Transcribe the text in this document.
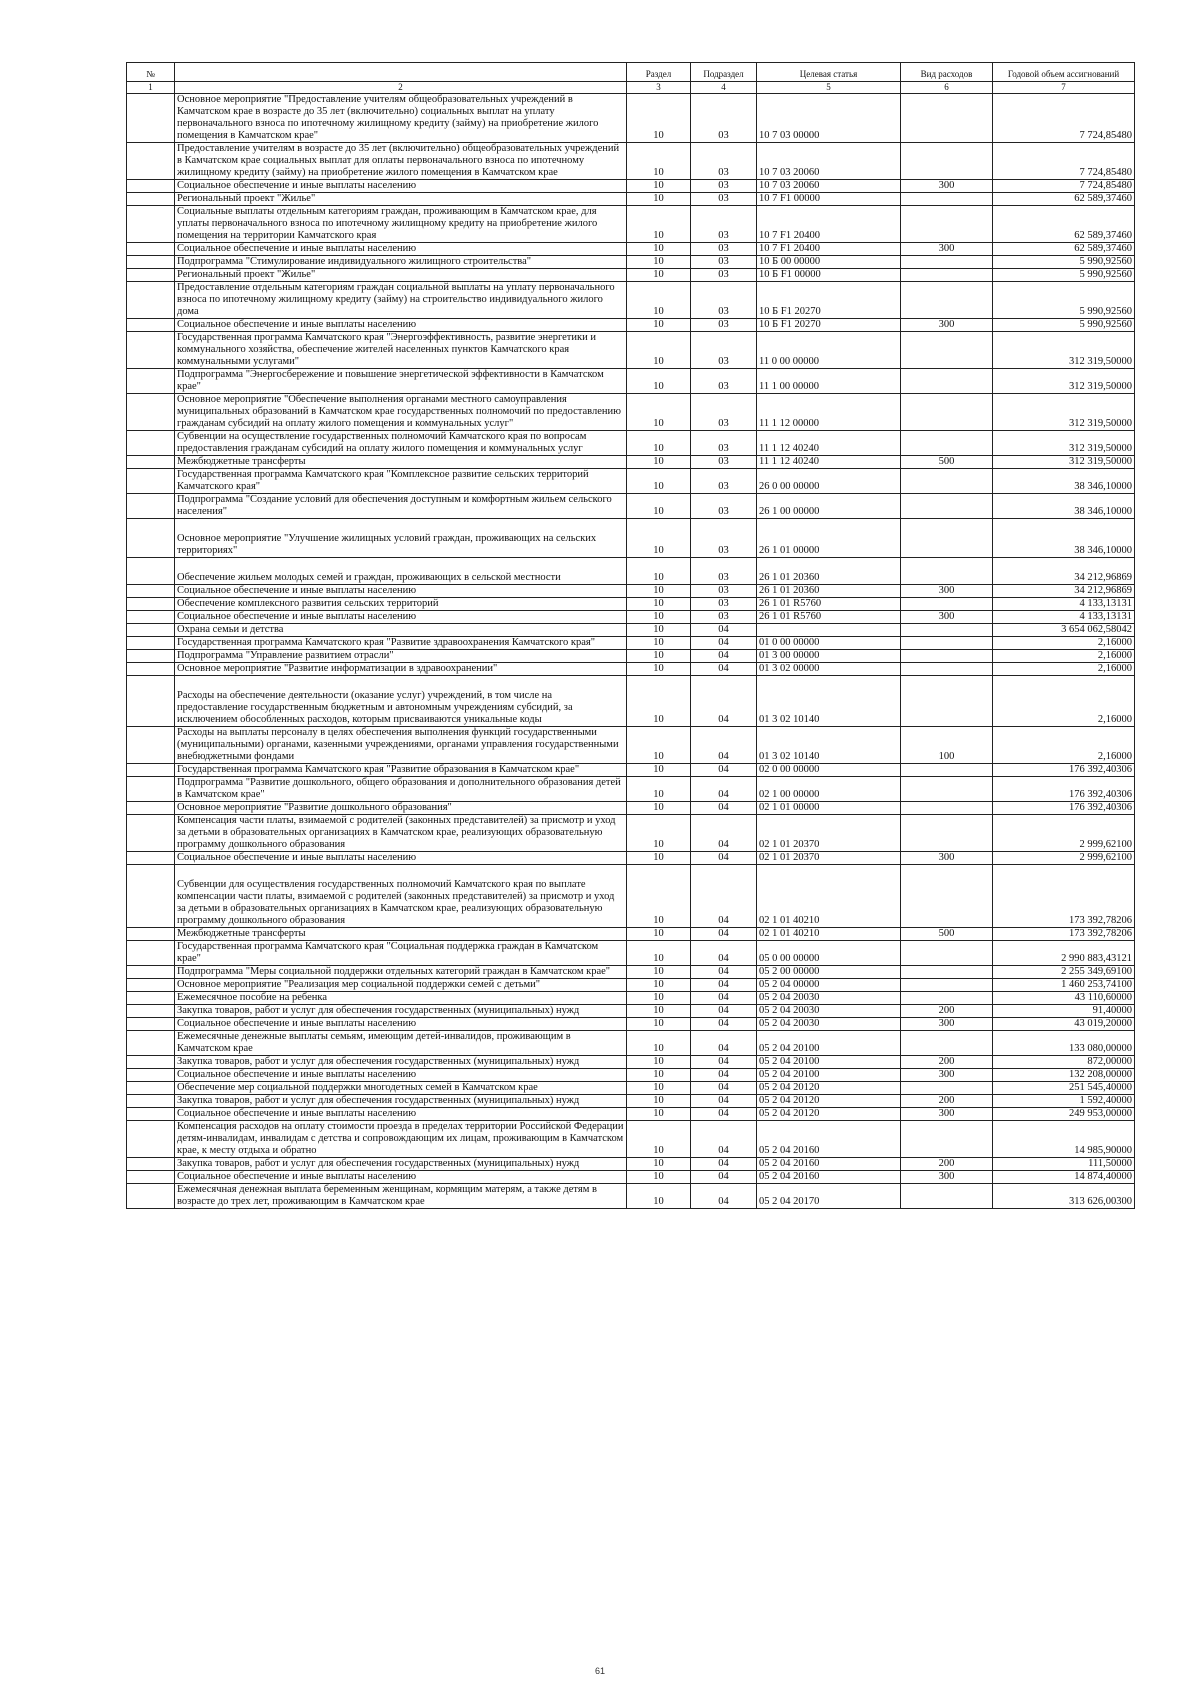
№		Раздел	Подраздел	Целевая статья	Вид расходов	Годовой объем ассигнований
1	2	3	4	5	6	7
	Основное мероприятие "Предоставление учителям общеобразовательных учреждений в Камчатском крае в возрасте до 35 лет (включительно) социальных выплат на уплату первоначального взноса по ипотечному жилищному кредиту (займу) на приобретение жилого помещения в Камчатском крае"	10	03	10 7 03 00000		7 724,85480
	Предоставление учителям в возрасте до 35 лет (включительно) общеобразовательных учреждений в Камчатском крае социальных выплат для оплаты первоначального взноса по ипотечному жилищному кредиту (займу) на приобретение жилого помещения в Камчатском крае	10	03	10 7 03 20060		7 724,85480
	Социальное обеспечение и иные выплаты населению	10	03	10 7 03 20060	300	7 724,85480
	Региональный проект "Жилье"	10	03	10 7 F1 00000		62 589,37460
	Социальные выплаты отдельным категориям граждан, проживающим в Камчатском крае, для уплаты первоначального взноса по ипотечному жилищному кредиту на приобретение жилого помещения на территории Камчатского края	10	03	10 7 F1 20400		62 589,37460
	Социальное обеспечение и иные выплаты населению	10	03	10 7 F1 20400	300	62 589,37460
	Подпрограмма "Стимулирование индивидуального жилищного строительства"	10	03	10 Б 00 00000		5 990,92560
	Региональный проект "Жилье"	10	03	10 Б F1 00000		5 990,92560
	Предоставление отдельным категориям граждан социальной выплаты на уплату первоначального взноса по ипотечному жилищному кредиту (займу) на строительство индивидуального жилого дома	10	03	10 Б F1 20270		5 990,92560
	Социальное обеспечение и иные выплаты населению	10	03	10 Б F1 20270	300	5 990,92560
	Государственная программа Камчатского края "Энергоэффективность, развитие энергетики и коммунального хозяйства, обеспечение жителей населенных пунктов Камчатского края коммунальными услугами"	10	03	11 0 00 00000		312 319,50000
	Подпрограмма "Энергосбережение и повышение энергетической эффективности в Камчатском крае"	10	03	11 1 00 00000		312 319,50000
	Основное мероприятие "Обеспечение выполнения органами местного самоуправления муниципальных образований в Камчатском крае государственных полномочий по предоставлению гражданам субсидий на оплату жилого помещения и коммунальных услуг"	10	03	11 1 12 00000		312 319,50000
	Субвенции на осуществление государственных полномочий Камчатского края по вопросам предоставления гражданам субсидий на оплату жилого помещения и коммунальных услуг	10	03	11 1 12 40240		312 319,50000
	Межбюджетные трансферты	10	03	11 1 12 40240	500	312 319,50000
	Государственная программа Камчатского края "Комплексное развитие сельских территорий Камчатского края"	10	03	26 0 00 00000		38 346,10000
	Подпрограмма "Создание условий для обеспечения доступным и комфортным жильем сельского населения"	10	03	26 1 00 00000		38 346,10000
	Основное мероприятие "Улучшение жилищных условий граждан, проживающих на сельских территориях"	10	03	26 1 01 00000		38 346,10000
	Обеспечение жильем молодых семей и граждан, проживающих в сельской местности	10	03	26 1 01 20360		34 212,96869
	Социальное обеспечение и иные выплаты населению	10	03	26 1 01 20360	300	34 212,96869
	Обеспечение комплексного развития сельских территорий	10	03	26 1 01 R5760		4 133,13131
	Социальное обеспечение и иные выплаты населению	10	03	26 1 01 R5760	300	4 133,13131
	Охрана семьи и детства	10	04			3 654 062,58042
	Государственная программа Камчатского края "Развитие здравоохранения Камчатского края"	10	04	01 0 00 00000		2,16000
	Подпрограмма "Управление развитием отрасли"	10	04	01 3 00 00000		2,16000
	Основное мероприятие "Развитие информатизации в здравоохранении"	10	04	01 3 02 00000		2,16000
	Расходы на обеспечение деятельности (оказание услуг) учреждений, в том числе на предоставление государственным бюджетным и автономным учреждениям субсидий, за исключением обособленных расходов, которым присваиваются уникальные коды	10	04	01 3 02 10140		2,16000
	Расходы на выплаты персоналу в целях обеспечения выполнения функций государственными (муниципальными) органами, казенными учреждениями, органами управления государственными внебюджетными фондами	10	04	01 3 02 10140	100	2,16000
	Государственная программа Камчатского края "Развитие образования в Камчатском крае"	10	04	02 0 00 00000		176 392,40306
	Подпрограмма "Развитие дошкольного, общего образования и дополнительного образования детей в Камчатском крае"	10	04	02 1 00 00000		176 392,40306
	Основное мероприятие "Развитие дошкольного образования"	10	04	02 1 01 00000		176 392,40306
	Компенсация части платы, взимаемой с родителей (законных представителей) за присмотр и уход за детьми в образовательных организациях в Камчатском крае, реализующих образовательную программу дошкольного образования	10	04	02 1 01 20370		2 999,62100
	Социальное обеспечение и иные выплаты населению	10	04	02 1 01 20370	300	2 999,62100
	Субвенции для осуществления государственных полномочий Камчатского края по выплате компенсации части платы, взимаемой с родителей (законных представителей) за присмотр и уход за детьми в образовательных организациях в Камчатском крае, реализующих образовательную программу дошкольного образования	10	04	02 1 01 40210		173 392,78206
	Межбюджетные трансферты	10	04	02 1 01 40210	500	173 392,78206
	Государственная программа Камчатского края "Социальная поддержка граждан в Камчатском крае"	10	04	05 0 00 00000		2 990 883,43121
	Подпрограмма "Меры социальной поддержки отдельных категорий граждан в Камчатском крае"	10	04	05 2 00 00000		2 255 349,69100
	Основное мероприятие "Реализация мер социальной поддержки семей с детьми"	10	04	05 2 04 00000		1 460 253,74100
	Ежемесячное пособие на ребенка	10	04	05 2 04 20030		43 110,60000
	Закупка товаров, работ и услуг для обеспечения государственных (муниципальных) нужд	10	04	05 2 04 20030	200	91,40000
	Социальное обеспечение и иные выплаты населению	10	04	05 2 04 20030	300	43 019,20000
	Ежемесячные денежные выплаты семьям, имеющим детей-инвалидов, проживающим в Камчатском крае	10	04	05 2 04 20100		133 080,00000
	Закупка товаров, работ и услуг для обеспечения государственных (муниципальных) нужд	10	04	05 2 04 20100	200	872,00000
	Социальное обеспечение и иные выплаты населению	10	04	05 2 04 20100	300	132 208,00000
	Обеспечение мер социальной поддержки многодетных семей в Камчатском крае	10	04	05 2 04 20120		251 545,40000
	Закупка товаров, работ и услуг для обеспечения государственных (муниципальных) нужд	10	04	05 2 04 20120	200	1 592,40000
	Социальное обеспечение и иные выплаты населению	10	04	05 2 04 20120	300	249 953,00000
	Компенсация расходов на оплату стоимости проезда в пределах территории Российской Федерации детям-инвалидам, инвалидам с детства и сопровождающим их лицам, проживающим в Камчатском крае, к месту отдыха и обратно	10	04	05 2 04 20160		14 985,90000
	Закупка товаров, работ и услуг для обеспечения государственных (муниципальных) нужд	10	04	05 2 04 20160	200	111,50000
	Социальное обеспечение и иные выплаты населению	10	04	05 2 04 20160	300	14 874,40000
	Ежемесячная денежная выплата беременным женщинам, кормящим матерям, а также детям в возрасте до трех лет, проживающим в Камчатском крае	10	04	05 2 04 20170		313 626,00300
61
